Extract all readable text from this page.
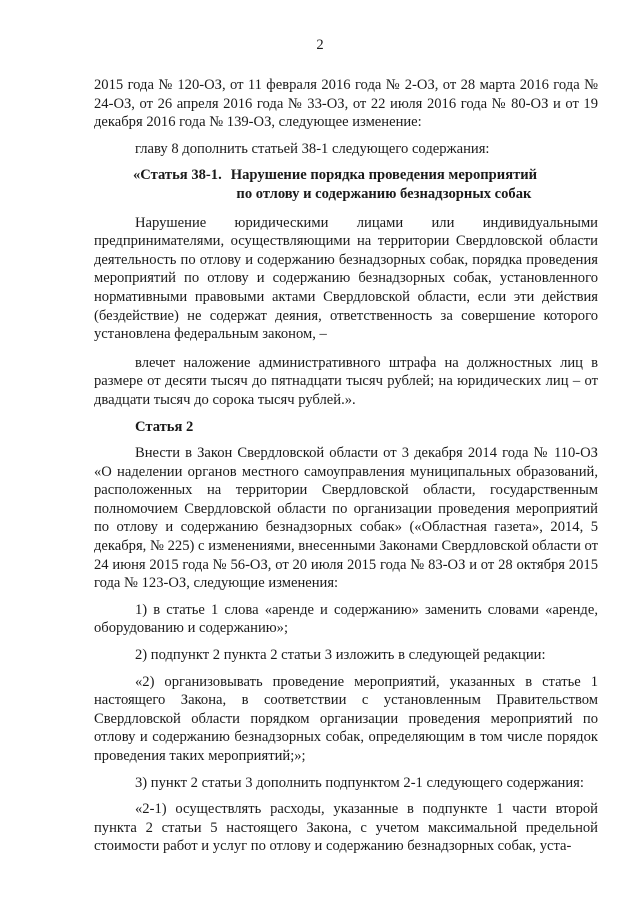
2

2015 года № 120-ОЗ, от 11 февраля 2016 года № 2-ОЗ, от 28 марта 2016 года № 24-ОЗ, от 26 апреля 2016 года № 33-ОЗ, от 22 июля 2016 года № 80-ОЗ и от 19 декабря 2016 года № 139-ОЗ, следующее изменение:

главу 8 дополнить статьей 38-1 следующего содержания:

«Статья 38-1. Нарушение порядка проведения мероприятий
по отлову и содержанию безнадзорных собак

Нарушение юридическими лицами или индивидуальными предпринимателями, осуществляющими на территории Свердловской области деятельность по отлову и содержанию безнадзорных собак, порядка проведения мероприятий по отлову и содержанию безнадзорных собак, установленного нормативными правовыми актами Свердловской области, если эти действия (бездействие) не содержат деяния, ответственность за совершение которого установлена федеральным законом, –

влечет наложение административного штрафа на должностных лиц в размере от десяти тысяч до пятнадцати тысяч рублей; на юридических лиц – от двадцати тысяч до сорока тысяч рублей.».

Статья 2

Внести в Закон Свердловской области от 3 декабря 2014 года № 110-ОЗ «О наделении органов местного самоуправления муниципальных образований, расположенных на территории Свердловской области, государственным полномочием Свердловской области по организации проведения мероприятий по отлову и содержанию безнадзорных собак» («Областная газета», 2014, 5 декабря, № 225) с изменениями, внесенными Законами Свердловской области от 24 июня 2015 года № 56-ОЗ, от 20 июля 2015 года № 83-ОЗ и от 28 октября 2015 года № 123-ОЗ, следующие изменения:

1) в статье 1 слова «аренде и содержанию» заменить словами «аренде, оборудованию и содержанию»;

2) подпункт 2 пункта 2 статьи 3 изложить в следующей редакции:

«2) организовывать проведение мероприятий, указанных в статье 1 настоящего Закона, в соответствии с установленным Правительством Свердловской области порядком организации проведения мероприятий по отлову и содержанию безнадзорных собак, определяющим в том числе порядок проведения таких мероприятий;»;

3) пункт 2 статьи 3 дополнить подпунктом 2-1 следующего содержания:

«2-1) осуществлять расходы, указанные в подпункте 1 части второй пункта 2 статьи 5 настоящего Закона, с учетом максимальной предельной стоимости работ и услуг по отлову и содержанию безнадзорных собак, уста-
